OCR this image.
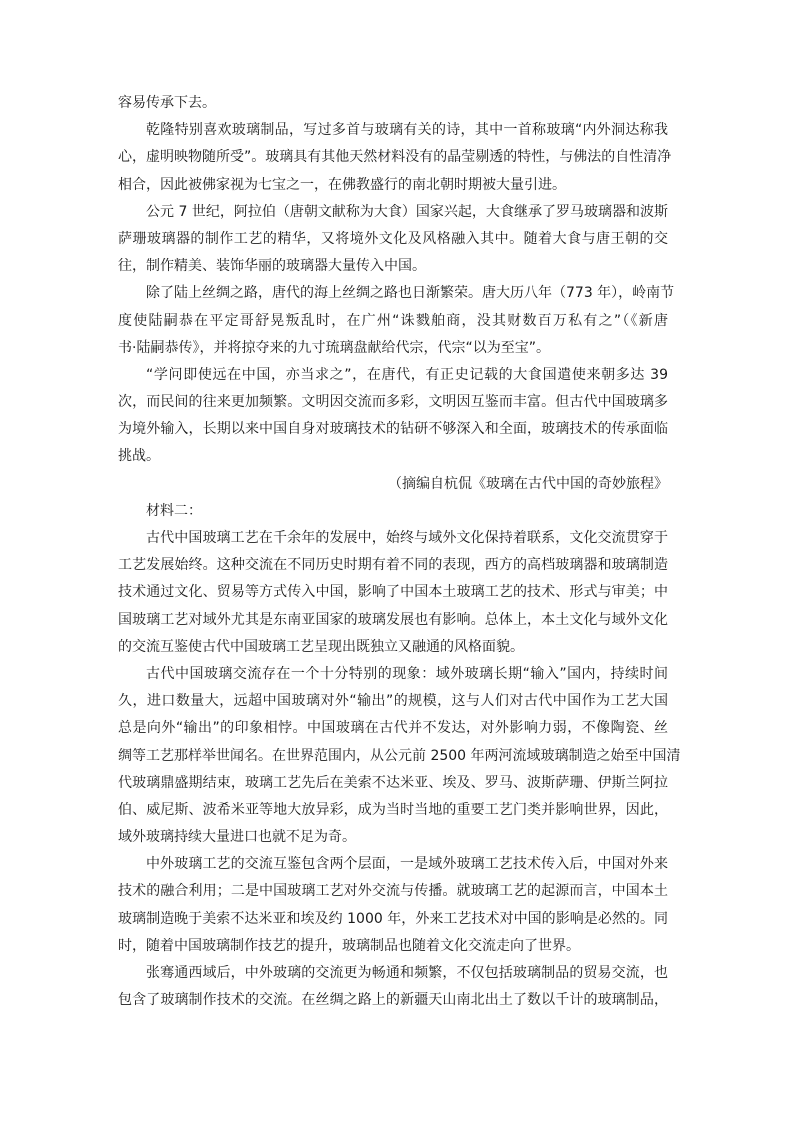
容易传承下去。
乾隆特别喜欢玻璃制品，写过多首与玻璃有关的诗，其中一首称玻璃“内外洞达称我
心，虚明映物随所受”。玻璃具有其他天然材料没有的晶莹剔透的特性，与佛法的自性清净
相合，因此被佛家视为七宝之一，在佛教盛行的南北朝时期被大量引进。
公元 7 世纪，阿拉伯（唐朝文献称为大食）国家兴起，大食继承了罗马玻璃器和波斯
萨珊玻璃器的制作工艺的精华，又将境外文化及风格融入其中。随着大食与唐王朝的交
往，制作精美、装饰华丽的玻璃器大量传入中国。
除了陆上丝绸之路，唐代的海上丝绸之路也日渐繁荣。唐大历八年（773 年），岭南节
度使陆嗣恭在平定哥舒晃叛乱时，在广州“诛戮舶商，没其财数百万私有之”（《新唐
书·陆嗣恭传》，并将掠夺来的九寸琉璃盘献给代宗，代宗“以为至宝”。
“学问即使远在中国，亦当求之”，在唐代，有正史记载的大食国遣使来朝多达 39
次，而民间的往来更加频繁。文明因交流而多彩，文明因互鉴而丰富。但古代中国玻璃多
为境外输入，长期以来中国自身对玻璃技术的钻研不够深入和全面，玻璃技术的传承面临
挑战。
（摘编自杭侃《玻璃在古代中国的奇妙旅程》
材料二：
古代中国玻璃工艺在千余年的发展中，始终与域外文化保持着联系，文化交流贯穿于
工艺发展始终。这种交流在不同历史时期有着不同的表现，西方的高档玻璃器和玻璃制造
技术通过文化、贸易等方式传入中国，影响了中国本土玻璃工艺的技术、形式与审美；中
国玻璃工艺对域外尤其是东南亚国家的玻璃发展也有影响。总体上，本土文化与域外文化
的交流互鉴使古代中国玻璃工艺呈现出既独立又融通的风格面貌。
古代中国玻璃交流存在一个十分特别的现象：域外玻璃长期“输入”国内，持续时间
久，进口数量大，远超中国玻璃对外“输出”的规模，这与人们对古代中国作为工艺大国
总是向外“输出”的印象相悖。中国玻璃在古代并不发达，对外影响力弱，不像陶瓷、丝
绸等工艺那样举世闻名。在世界范围内，从公元前 2500 年两河流域玻璃制造之始至中国清
代玻璃鼎盛期结束，玻璃工艺先后在美索不达米亚、埃及、罗马、波斯萨珊、伊斯兰阿拉
伯、威尼斯、波希米亚等地大放异彩，成为当时当地的重要工艺门类并影响世界，因此，
域外玻璃持续大量进口也就不足为奇。
中外玻璃工艺的交流互鉴包含两个层面，一是域外玻璃工艺技术传入后，中国对外来
技术的融合利用；二是中国玻璃工艺对外交流与传播。就玻璃工艺的起源而言，中国本土
玻璃制造晚于美索不达米亚和埃及约 1000 年，外来工艺技术对中国的影响是必然的。同
时，随着中国玻璃制作技艺的提升，玻璃制品也随着文化交流走向了世界。
张骞通西域后，中外玻璃的交流更为畅通和频繁，不仅包括玻璃制品的贸易交流，也
包含了玻璃制作技术的交流。在丝绸之路上的新疆天山南北出土了数以千计的玻璃制品，
